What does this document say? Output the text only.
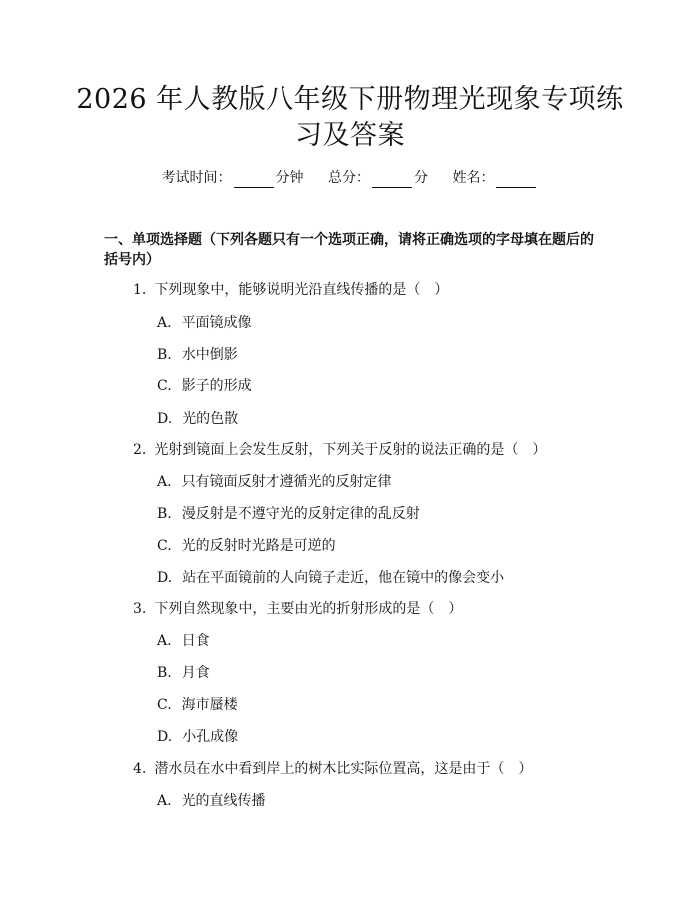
2026 年人教版八年级下册物理光现象专项练
习及答案
考试时间：	分钟 总分：	分 姓名：
一、单项选择题（下列各题只有一个选项正确，请将正确选项的字母填在题后的
括号内）
1. 下列现象中，能够说明光沿直线传播的是（　）
A. 平面镜成像
B. 水中倒影
C. 影子的形成
D. 光的色散
2. 光射到镜面上会发生反射，下列关于反射的说法正确的是（　）
A. 只有镜面反射才遵循光的反射定律
B. 漫反射是不遵守光的反射定律的乱反射
C. 光的反射时光路是可逆的
D. 站在平面镜前的人向镜子走近，他在镜中的像会变小
3. 下列自然现象中，主要由光的折射形成的是（　）
A. 日食
B. 月食
C. 海市蜃楼
D. 小孔成像
4. 潜水员在水中看到岸上的树木比实际位置高，这是由于（　）
A. 光的直线传播
